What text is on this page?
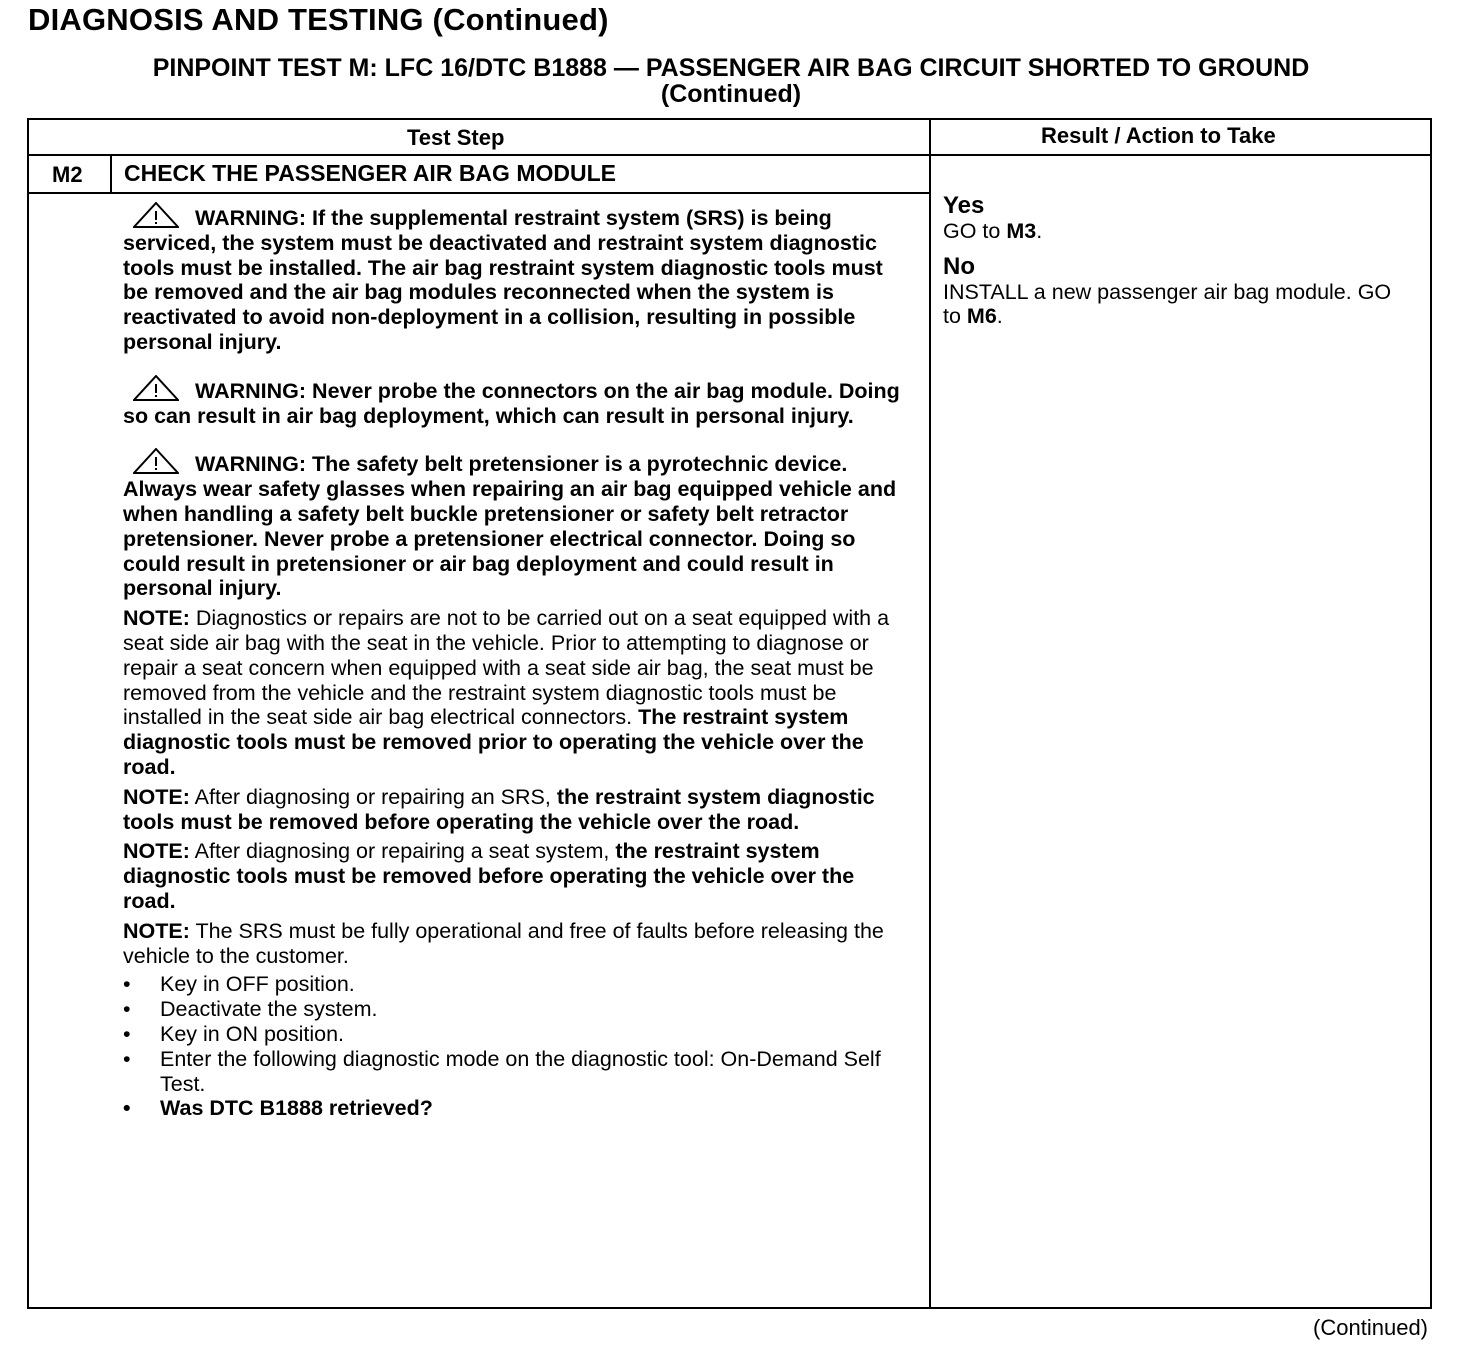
DIAGNOSIS AND TESTING (Continued)
PINPOINT TEST M: LFC 16/DTC B1888 — PASSENGER AIR BAG CIRCUIT SHORTED TO GROUND
(Continued)
Test Step	Result / Action to Take
M2 CHECK THE PASSENGER AIR BAG MODULE
WARNING: If the supplemental restraint system (SRS) is being serviced, the system must be deactivated and restraint system diagnostic tools must be installed. The air bag restraint system diagnostic tools must be removed and the air bag modules reconnected when the system is reactivated to avoid non-deployment in a collision, resulting in possible personal injury.
WARNING: Never probe the connectors on the air bag module. Doing so can result in air bag deployment, which can result in personal injury.
WARNING: The safety belt pretensioner is a pyrotechnic device. Always wear safety glasses when repairing an air bag equipped vehicle and when handling a safety belt buckle pretensioner or safety belt retractor pretensioner. Never probe a pretensioner electrical connector. Doing so could result in pretensioner or air bag deployment and could result in personal injury.
NOTE: Diagnostics or repairs are not to be carried out on a seat equipped with a seat side air bag with the seat in the vehicle. Prior to attempting to diagnose or repair a seat concern when equipped with a seat side air bag, the seat must be removed from the vehicle and the restraint system diagnostic tools must be installed in the seat side air bag electrical connectors. The restraint system diagnostic tools must be removed prior to operating the vehicle over the road.
NOTE: After diagnosing or repairing an SRS, the restraint system diagnostic tools must be removed before operating the vehicle over the road.
NOTE: After diagnosing or repairing a seat system, the restraint system diagnostic tools must be removed before operating the vehicle over the road.
NOTE: The SRS must be fully operational and free of faults before releasing the vehicle to the customer.
• Key in OFF position.
• Deactivate the system.
• Key in ON position.
• Enter the following diagnostic mode on the diagnostic tool: On-Demand Self Test.
• Was DTC B1888 retrieved?
Yes
GO to M3.
No
INSTALL a new passenger air bag module. GO to M6.
(Continued)
